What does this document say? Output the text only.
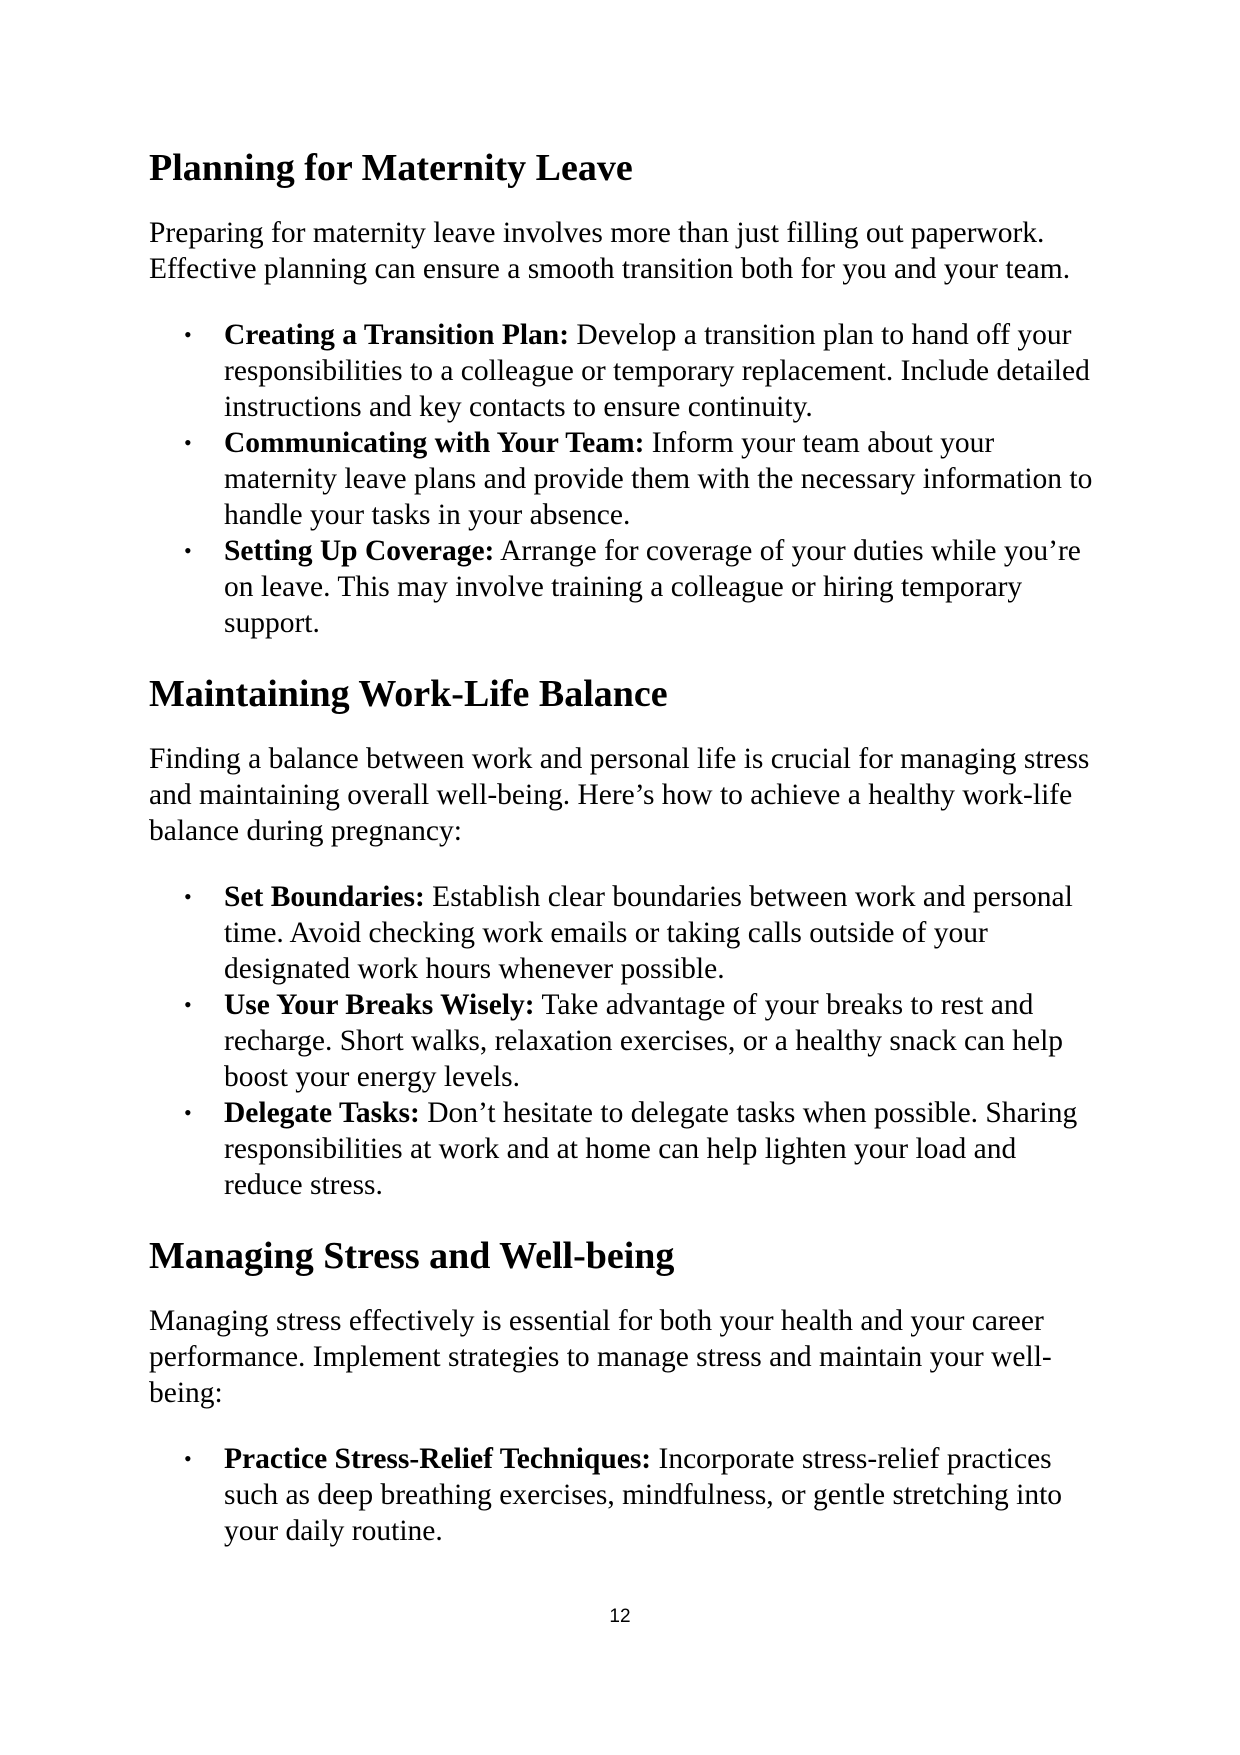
Planning for Maternity Leave

Preparing for maternity leave involves more than just filling out paperwork. Effective planning can ensure a smooth transition both for you and your team.

• Creating a Transition Plan: Develop a transition plan to hand off your responsibilities to a colleague or temporary replacement. Include detailed instructions and key contacts to ensure continuity.
• Communicating with Your Team: Inform your team about your maternity leave plans and provide them with the necessary information to handle your tasks in your absence.
• Setting Up Coverage: Arrange for coverage of your duties while you’re on leave. This may involve training a colleague or hiring temporary support.
Maintaining Work-Life Balance

Finding a balance between work and personal life is crucial for managing stress and maintaining overall well-being. Here’s how to achieve a healthy work-life balance during pregnancy:

• Set Boundaries: Establish clear boundaries between work and personal time. Avoid checking work emails or taking calls outside of your designated work hours whenever possible.
• Use Your Breaks Wisely: Take advantage of your breaks to rest and recharge. Short walks, relaxation exercises, or a healthy snack can help boost your energy levels.
• Delegate Tasks: Don’t hesitate to delegate tasks when possible. Sharing responsibilities at work and at home can help lighten your load and reduce stress.
Managing Stress and Well-being

Managing stress effectively is essential for both your health and your career performance. Implement strategies to manage stress and maintain your well-being:

• Practice Stress-Relief Techniques: Incorporate stress-relief practices such as deep breathing exercises, mindfulness, or gentle stretching into your daily routine.
12
